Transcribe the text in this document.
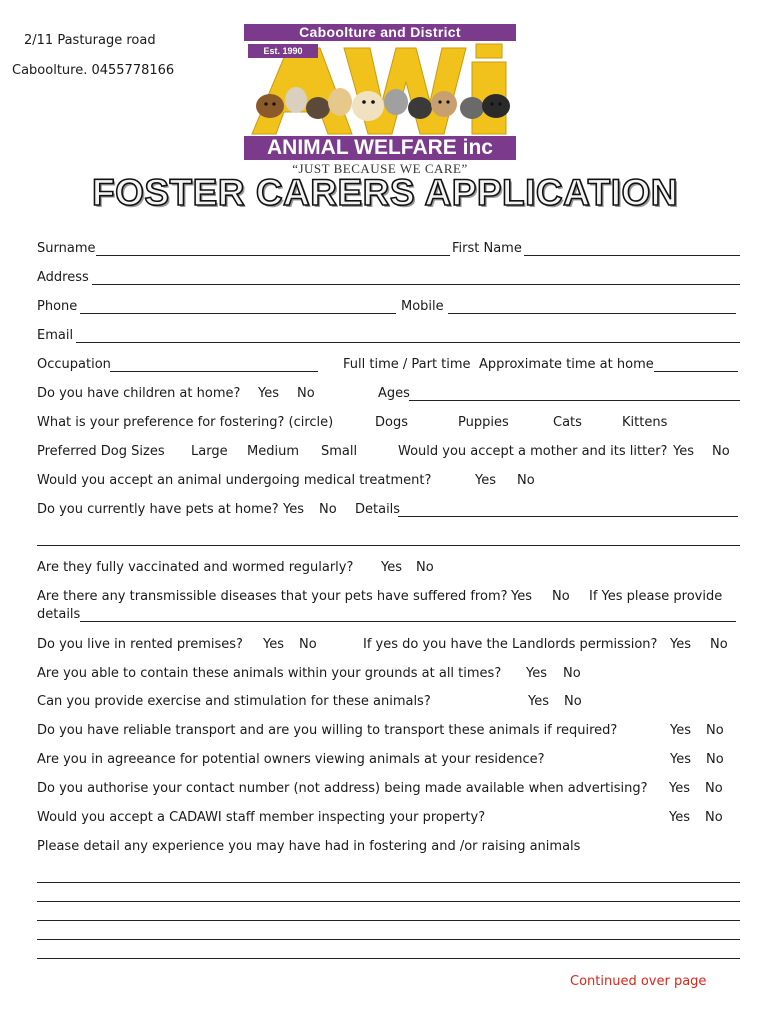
2/11 Pasturage road
Caboolture. 0455778166
Caboolture and District
Est. 1990
ANIMAL WELFARE inc
“JUST BECAUSE WE CARE”
FOSTER CARERS APPLICATION
Surname	First Name
Address
Phone	Mobile
Email
Occupation	Full time / Part time Approximate time at home
Do you have children at home? Yes No	Ages
What is your preference for fostering? (circle)	Dogs	Puppies	Cats	Kittens
Preferred Dog Sizes Large Medium Small	Would you accept a mother and its litter? Yes No
Would you accept an animal undergoing medical treatment?	Yes No
Do you currently have pets at home? Yes No Details
Are they fully vaccinated and wormed regularly? Yes No
Are there any transmissible diseases that your pets have suffered from? Yes No If Yes please provide
details
Do you live in rented premises? Yes No	If yes do you have the Landlords permission? Yes No
Are you able to contain these animals within your grounds at all times? Yes No
Can you provide exercise and stimulation for these animals?	Yes No
Do you have reliable transport and are you willing to transport these animals if required?	Yes No
Are you in agreeance for potential owners viewing animals at your residence?	Yes No
Do you authorise your contact number (not address) being made available when advertising? Yes No
Would you accept a CADAWI staff member inspecting your property?	Yes No
Please detail any experience you may have had in fostering and /or raising animals
Continued over page
